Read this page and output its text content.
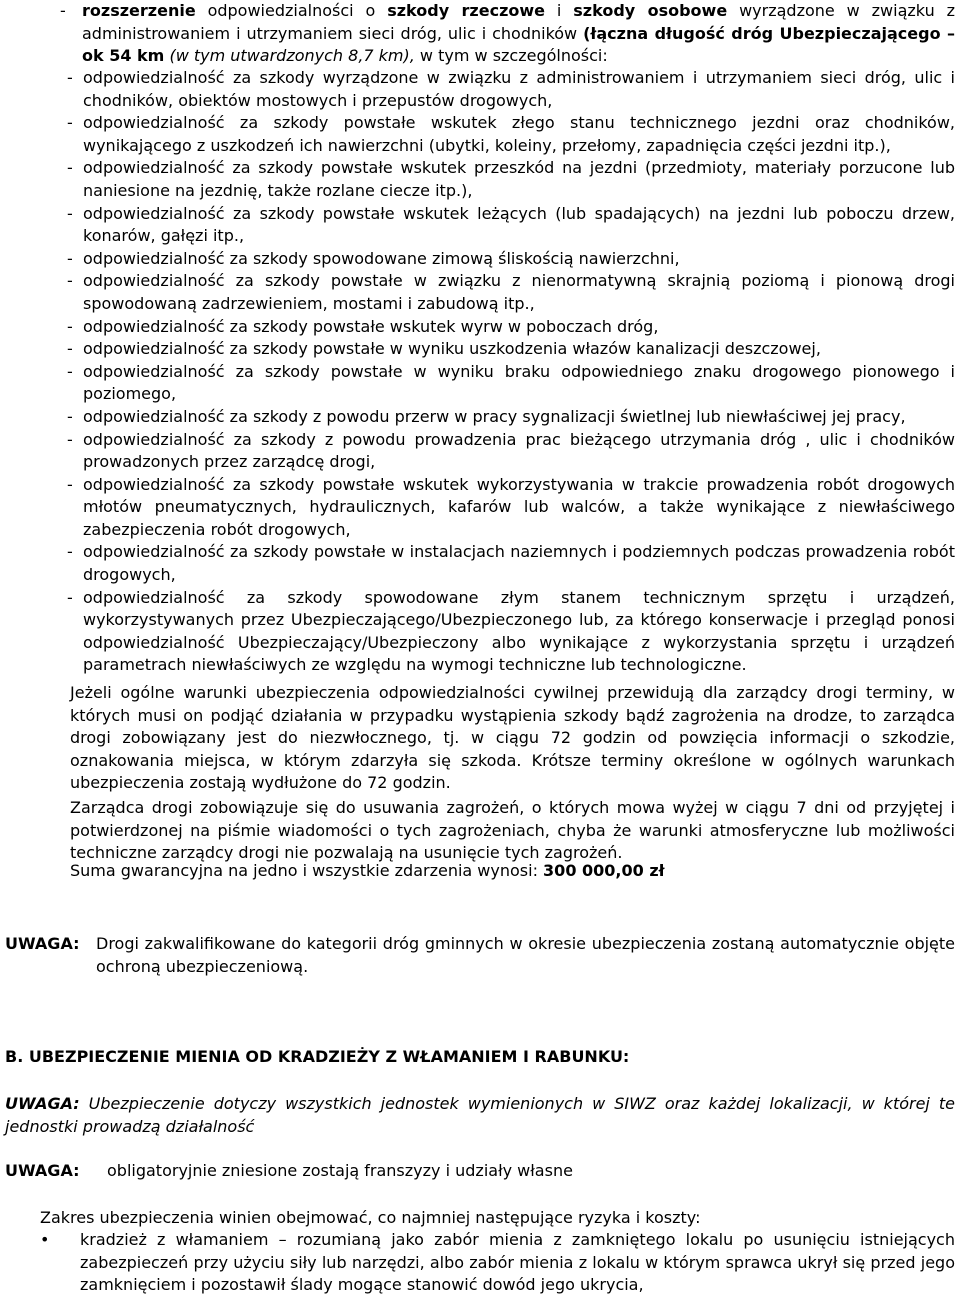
-	rozszerzenie odpowiedzialności o szkody rzeczowe i szkody osobowe wyrządzone w związku z administrowaniem i utrzymaniem sieci dróg, ulic i chodników (łączna długość dróg Ubezpieczającego –ok 54 km (w tym utwardzonych 8,7 km), w tym w szczególności:
- odpowiedzialność za szkody wyrządzone w związku z administrowaniem i utrzymaniem sieci dróg, ulic i chodników, obiektów mostowych i przepustów drogowych,
- odpowiedzialność za szkody powstałe wskutek złego stanu technicznego jezdni oraz chodników, wynikającego z uszkodzeń ich nawierzchni (ubytki, koleiny, przełomy, zapadnięcia części jezdni itp.),
- odpowiedzialność za szkody powstałe wskutek przeszkód na jezdni (przedmioty, materiały porzucone lub naniesione na jezdnię, także rozlane ciecze itp.),
- odpowiedzialność za szkody powstałe wskutek leżących (lub spadających) na jezdni lub poboczu drzew, konarów, gałęzi itp.,
- odpowiedzialność za szkody spowodowane zimową śliskością nawierzchni,
- odpowiedzialność za szkody powstałe w związku z nienormatywną skrajnią poziomą i pionową drogi spowodowaną zadrzewieniem, mostami i zabudową itp.,
- odpowiedzialność za szkody powstałe wskutek wyrw w poboczach dróg,
- odpowiedzialność za szkody powstałe w wyniku uszkodzenia włazów kanalizacji deszczowej,
- odpowiedzialność za szkody powstałe w wyniku braku odpowiedniego znaku drogowego pionowego i poziomego,
- odpowiedzialność za szkody z powodu przerw w pracy sygnalizacji świetlnej lub niewłaściwej jej pracy,
- odpowiedzialność za szkody z powodu prowadzenia prac bieżącego utrzymania dróg , ulic i chodników prowadzonych przez zarządcę drogi,
- odpowiedzialność za szkody powstałe wskutek wykorzystywania w trakcie prowadzenia robót drogowych młotów pneumatycznych, hydraulicznych, kafarów lub walców, a także wynikające z niewłaściwego zabezpieczenia robót drogowych,
- odpowiedzialność za szkody powstałe w instalacjach naziemnych i podziemnych podczas prowadzenia robót drogowych,
- odpowiedzialność za szkody spowodowane złym stanem technicznym sprzętu i urządzeń, wykorzystywanych przez Ubezpieczającego/Ubezpieczonego lub, za którego konserwacje i przegląd ponosi odpowiedzialność Ubezpieczający/Ubezpieczony albo wynikające z wykorzystania sprzętu i urządzeń parametrach niewłaściwych ze względu na wymogi techniczne lub technologiczne.

Jeżeli ogólne warunki ubezpieczenia odpowiedzialności cywilnej przewidują dla zarządcy drogi terminy, w których musi on podjąć działania w przypadku wystąpienia szkody bądź zagrożenia na drodze, to zarządca drogi zobowiązany jest do niezwłocznego, tj. w ciągu 72 godzin od powzięcia informacji o szkodzie, oznakowania miejsca, w którym zdarzyła się szkoda. Krótsze terminy określone w ogólnych warunkach ubezpieczenia zostają wydłużone do 72 godzin.

Zarządca drogi zobowiązuje się do usuwania zagrożeń, o których mowa wyżej w ciągu 7 dni od przyjętej i potwierdzonej na piśmie wiadomości o tych zagrożeniach, chyba że warunki atmosferyczne lub możliwości techniczne zarządcy drogi nie pozwalają na usunięcie tych zagrożeń.

Suma gwarancyjna na jedno i wszystkie zdarzenia wynosi: 300 000,00 zł

UWAGA: Drogi zakwalifikowane do kategorii dróg gminnych w okresie ubezpieczenia zostaną automatycznie objęte ochroną ubezpieczeniową.
B. UBEZPIECZENIE MIENIA OD KRADZIEŻY Z WŁAMANIEM I RABUNKU:
UWAGA: Ubezpieczenie dotyczy wszystkich jednostek wymienionych w SIWZ oraz każdej lokalizacji, w której te jednostki prowadzą działalność
UWAGA: obligatoryjnie zniesione zostają franszyzy i udziały własne
Zakres ubezpieczenia winien obejmować, co najmniej następujące ryzyka i koszty:
• kradzież z włamaniem – rozumianą jako zabór mienia z zamkniętego lokalu po usunięciu istniejących zabezpieczeń przy użyciu siły lub narzędzi, albo zabór mienia z lokalu w którym sprawca ukrył się przed jego zamknięciem i pozostawił ślady mogące stanowić dowód jego ukrycia,
